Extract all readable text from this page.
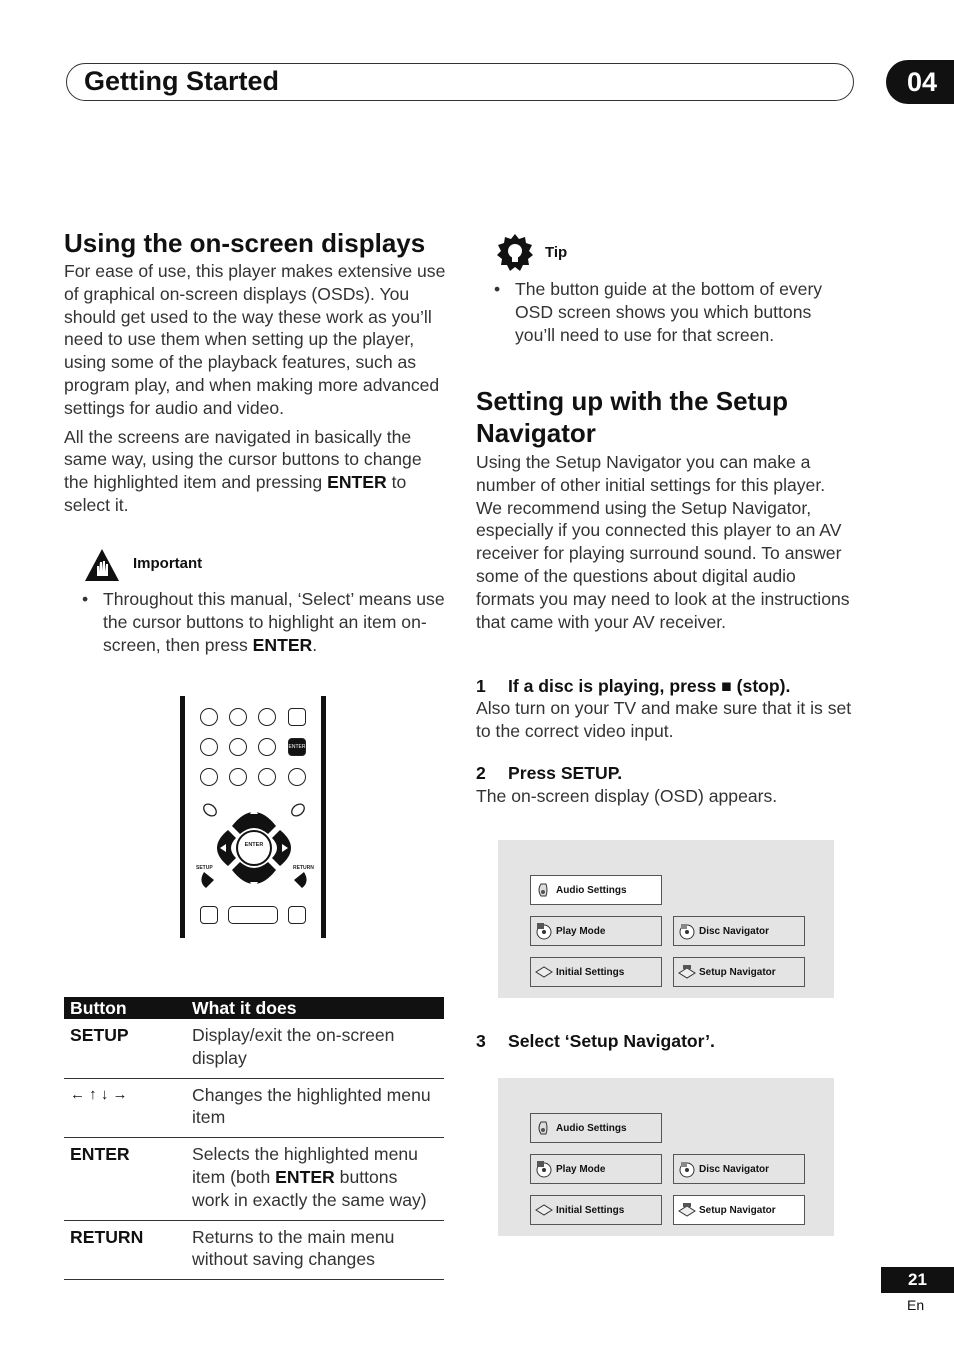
Getting Started	04
Using the on-screen displays

For ease of use, this player makes extensive use of graphical on-screen displays (OSDs). You should get used to the way these work as you’ll need to use them when setting up the player, using some of the playback features, such as program play, and when making more advanced settings for audio and video.

All the screens are navigated in basically the same way, using the cursor buttons to change the highlighted item and pressing ENTER to select it.

Important
• Throughout this manual, ‘Select’ means use the cursor buttons to highlight an item on-screen, then press ENTER.
ENTER
ENTER
SETUP	RETURN
Button	What it does
SETUP	Display/exit the on-screen display
← ↑ ↓ →	Changes the highlighted menu item
ENTER	Selects the highlighted menu item (both ENTER buttons work in exactly the same way)
RETURN	Returns to the main menu without saving changes
Tip
• The button guide at the bottom of every OSD screen shows you which buttons you’ll need to use for that screen.
Setting up with the Setup Navigator
Using the Setup Navigator you can make a number of other initial settings for this player. We recommend using the Setup Navigator, especially if you connected this player to an AV receiver for playing surround sound. To answer some of the questions about digital audio formats you may need to look at the instructions that came with your AV receiver.
1 If a disc is playing, press ■ (stop).
Also turn on your TV and make sure that it is set to the correct video input.
2 Press SETUP.
The on-screen display (OSD) appears.
Audio Settings
Play Mode	Disc Navigator
Initial Settings	Setup Navigator
3 Select ‘Setup Navigator’.
Audio Settings
Play Mode	Disc Navigator
Initial Settings	Setup Navigator
21
En
